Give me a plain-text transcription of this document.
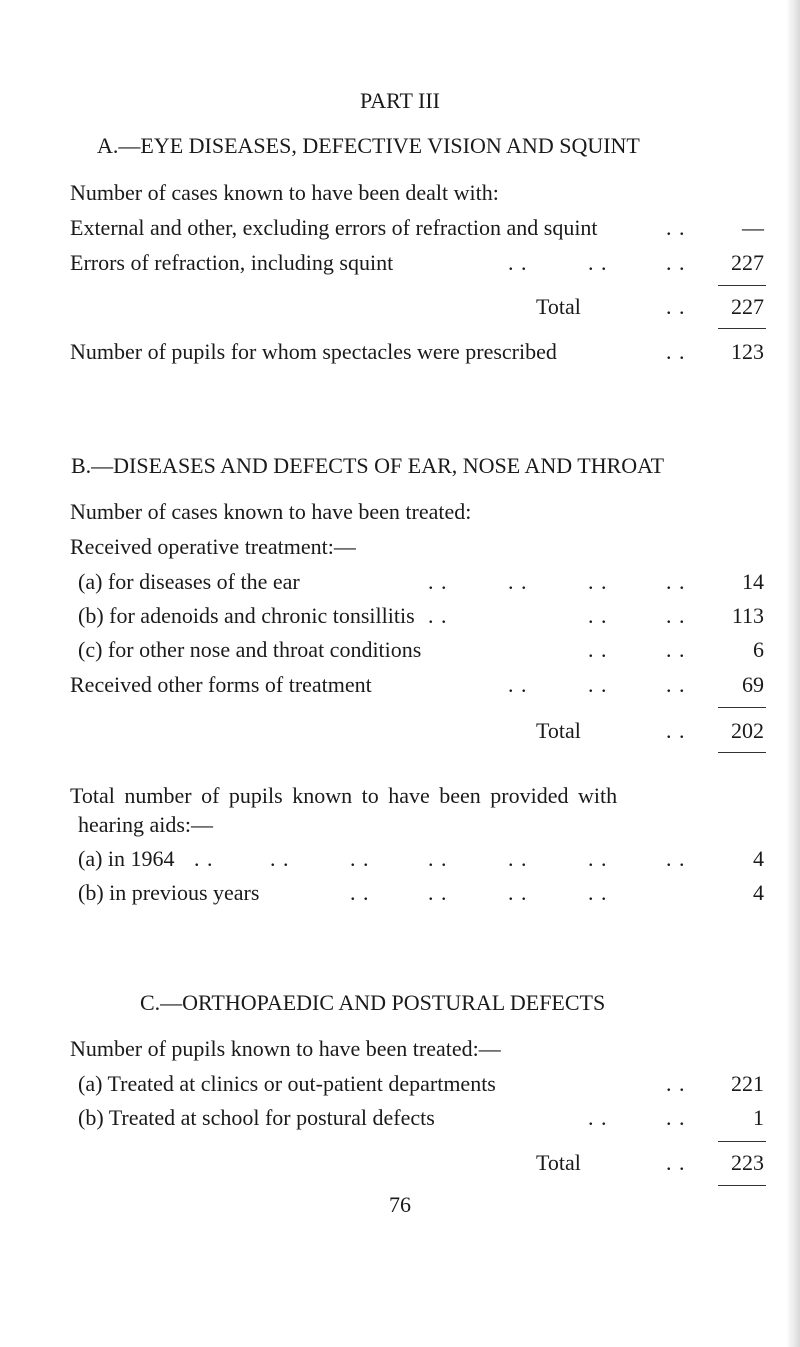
PART III
A.—EYE DISEASES, DEFECTIVE VISION AND SQUINT
Number of cases known to have been dealt with:
External and other, excluding errors of refraction and squint	. .	—
Errors of refraction, including squint	. .	. .	. . 227
Total	. . 227
Number of pupils for whom spectacles were prescribed	. . 123
B.—DISEASES AND DEFECTS OF EAR, NOSE AND THROAT
Number of cases known to have been treated:
Received operative treatment:—
(a) for diseases of the ear	. .	. .	. .	. .	14
(b) for adenoids and chronic tonsillitis . .	. .	. . 113
(c) for other nose and throat conditions	. .	. .	6
Received other forms of treatment	. .	. .	. .	69
Total	. . 202
Total number of pupils known to have been provided with
hearing aids:—
(a) in 1964 . .	. .	. .	. .	. .	. .	. .	4
(b) in previous years	. .	. .	. .	. .	4
C.—ORTHOPAEDIC AND POSTURAL DEFECTS
Number of pupils known to have been treated:—
(a) Treated at clinics or out-patient departments	. . 221
(b) Treated at school for postural defects	. .	. .	1
Total	. . 223
76
